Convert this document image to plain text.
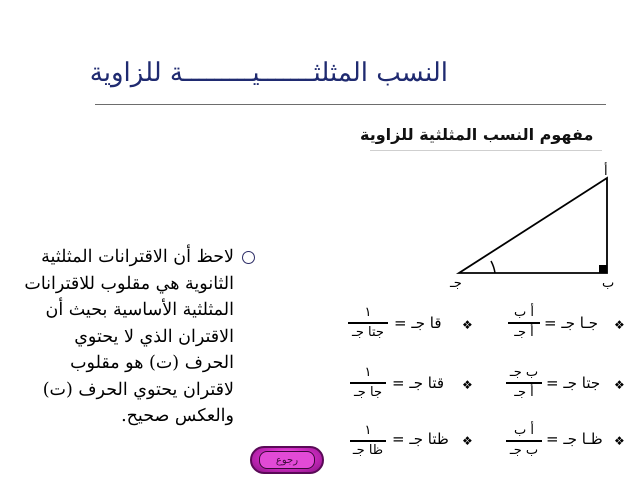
النسب المثلثـــــــيـــــــــة للزاوية
لاحظ أن الاقترانات المثلثية
الثانوية هي مقلوب للاقترانات
المثلثية الأساسية بحيث أن
الاقتران الذي لا يحتوي
الحرف (ت) هو مقلوب
لاقتران يحتوي الحرف (ت)
والعكس صحيح.
مفهوم النسب المثلثية للزاوية
أ
ب
جـ
١
جتا جـ قا جـ = ❖
١
جا جـ قتا جـ = ❖
١
ظا جـ
ظتا جـ = ❖
أ ب
أ جـ جـا جـ = ❖
ب جـ
أ جـ جتا جـ = ❖
أ ب
ب جـ
ظـا جـ = ❖
رجوع
